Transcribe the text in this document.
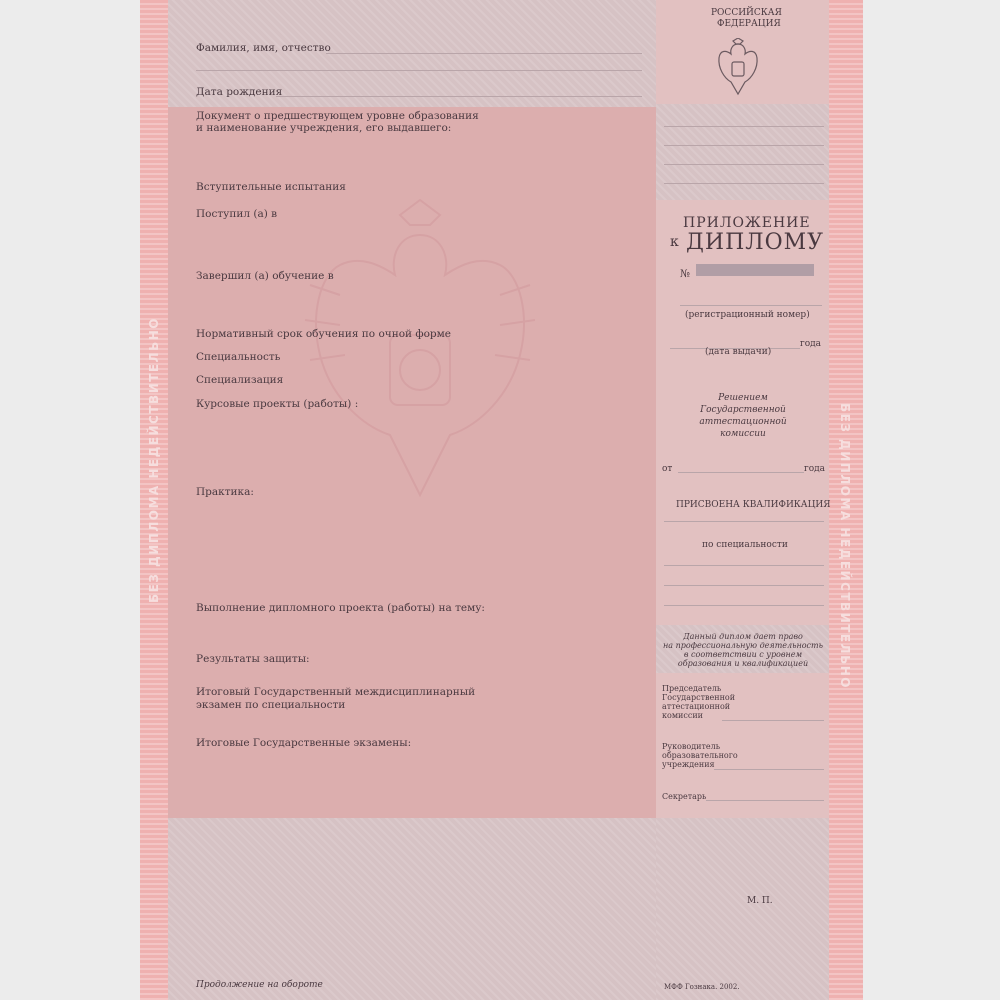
БЕЗ ДИПЛОМА НЕДЕЙСТВИТЕЛЬНО	БЕЗ ДИПЛОМА НЕДЕЙСТВИТЕЛЬНО
Фамилия, имя, отчество
Дата рождения
Документ о предшествующем уровне образования
и наименование учреждения, его выдавшего:
Вступительные испытания
Поступил (а) в
Завершил (а) обучение в
Нормативный срок обучения по очной форме
Специальность
Специализация
Курсовые проекты (работы) :
Практика:
Выполнение дипломного проекта (работы) на тему:
Результаты защиты:
Итоговый Государственный междисциплинарный
экзамен по специальности
Итоговые Государственные экзамены:
Продолжение на обороте
РОССИЙСКАЯ
ФЕДЕРАЦИЯ
ПРИЛОЖЕНИЕ
к ДИПЛОМУ
№
(регистрационный номер)
года
(дата выдачи)
Решением
Государственной
аттестационной
комиссии
от	года
ПРИСВОЕНА КВАЛИФИКАЦИЯ
по специальности
Данный диплом дает право
на профессиональную деятельность
в соответствии с уровнем
образования и квалификацией
Председатель
Государственной
аттестационной
комиссии
Руководитель
образовательного
учреждения
Секретарь
М. П.
МФФ Гознака. 2002.
